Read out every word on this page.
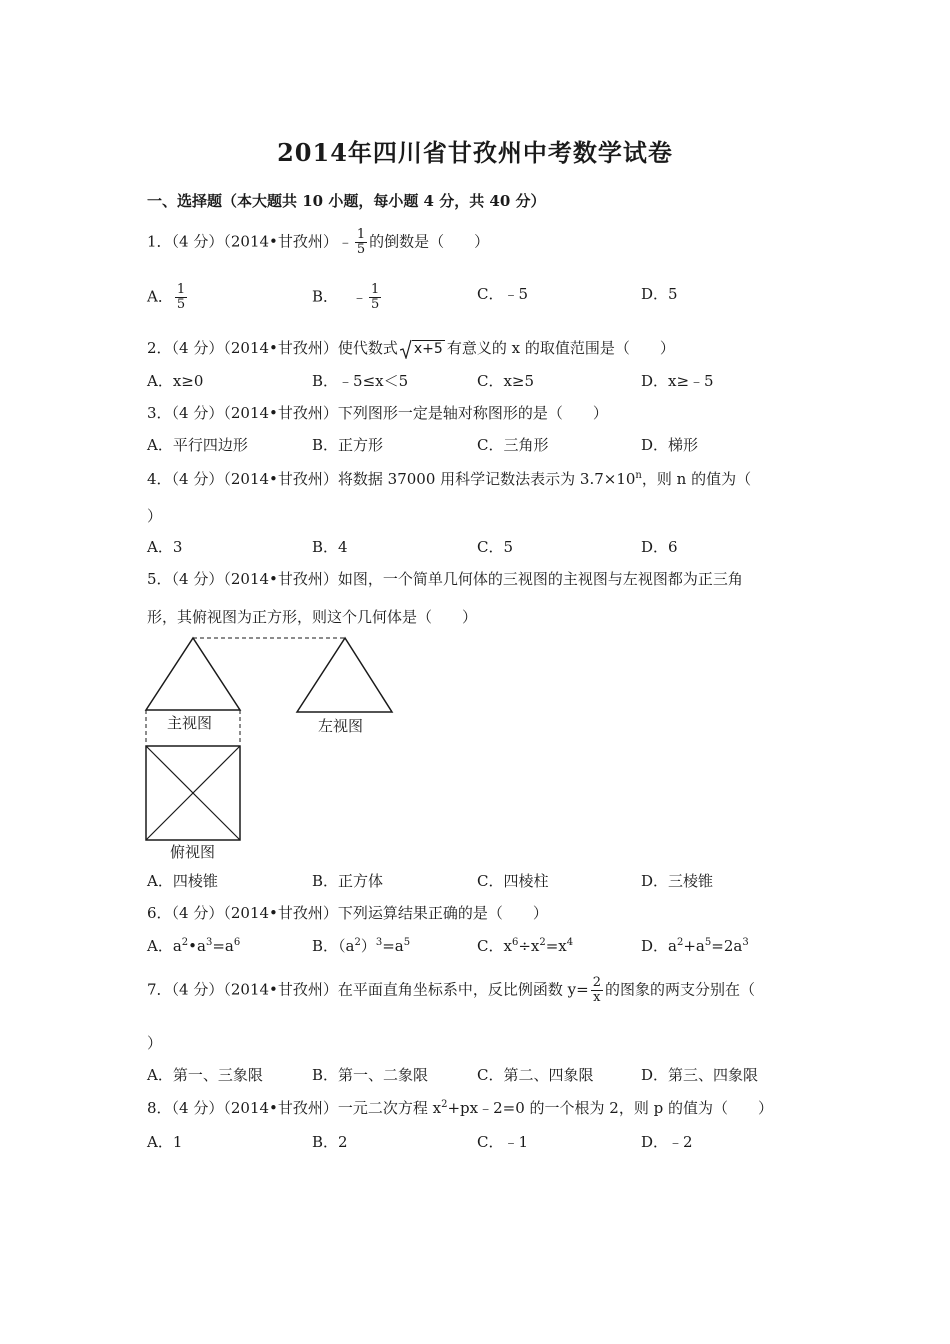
2014年四川省甘孜州中考数学试卷
一、选择题（本大题共 10 小题，每小题 4 分，共 40 分）
1．（4 分）（2014•甘孜州）﹣ $\frac{1}{5}$ 的倒数是（　　）
A． $\frac{1}{5}$	B． ﹣ $\frac{1}{5}$	C．﹣5	D．5
2．（4 分）（2014•甘孜州）使代数式 x+5 有意义的 x 的取值范围是（　　）
A．x≥0	B．﹣5≤x＜5	C．x≥5	D．x≥﹣5
3．（4 分）（2014•甘孜州）下列图形一定是轴对称图形的是（　　）
A．平行四边形	B．正方形	C．三角形	D．梯形
4．（4 分）（2014•甘孜州）将数据 37000 用科学记数法表示为 $3.7\times 10^n$，则 n 的值为（
）
A．3	B．4	C．5	D．6
5．（4 分）（2014•甘孜州）如图，一个简单几何体的三视图的主视图与左视图都为正三角
形，其俯视图为正方形，则这个几何体是（　　）
主视图	左视图
俯视图
A．四棱锥	B．正方体	C．四棱柱	D．三棱锥
6．（4 分）（2014•甘孜州）下列运算结果正确的是（　　）
A．$a^2•a^3=a^6$	B．$(a^2)^3=a^5$	C．$x^6\div x^2=x^4$	D．$a^2+a^5=2a^3$
7．（4 分）（2014•甘孜州）在平面直角坐标系中，反比例函数 $y= \frac{2}{x}$ 的图象的两支分别在（
）
A．第一、三象限	B．第一、二象限	C．第二、四象限	D．第三、四象限
8．（4 分）（2014•甘孜州）一元二次方程 $x^2+px﹣2=0$ 的一个根为 2，则 p 的值为（　　）
A．1	B．2	C．﹣1	D．﹣2
